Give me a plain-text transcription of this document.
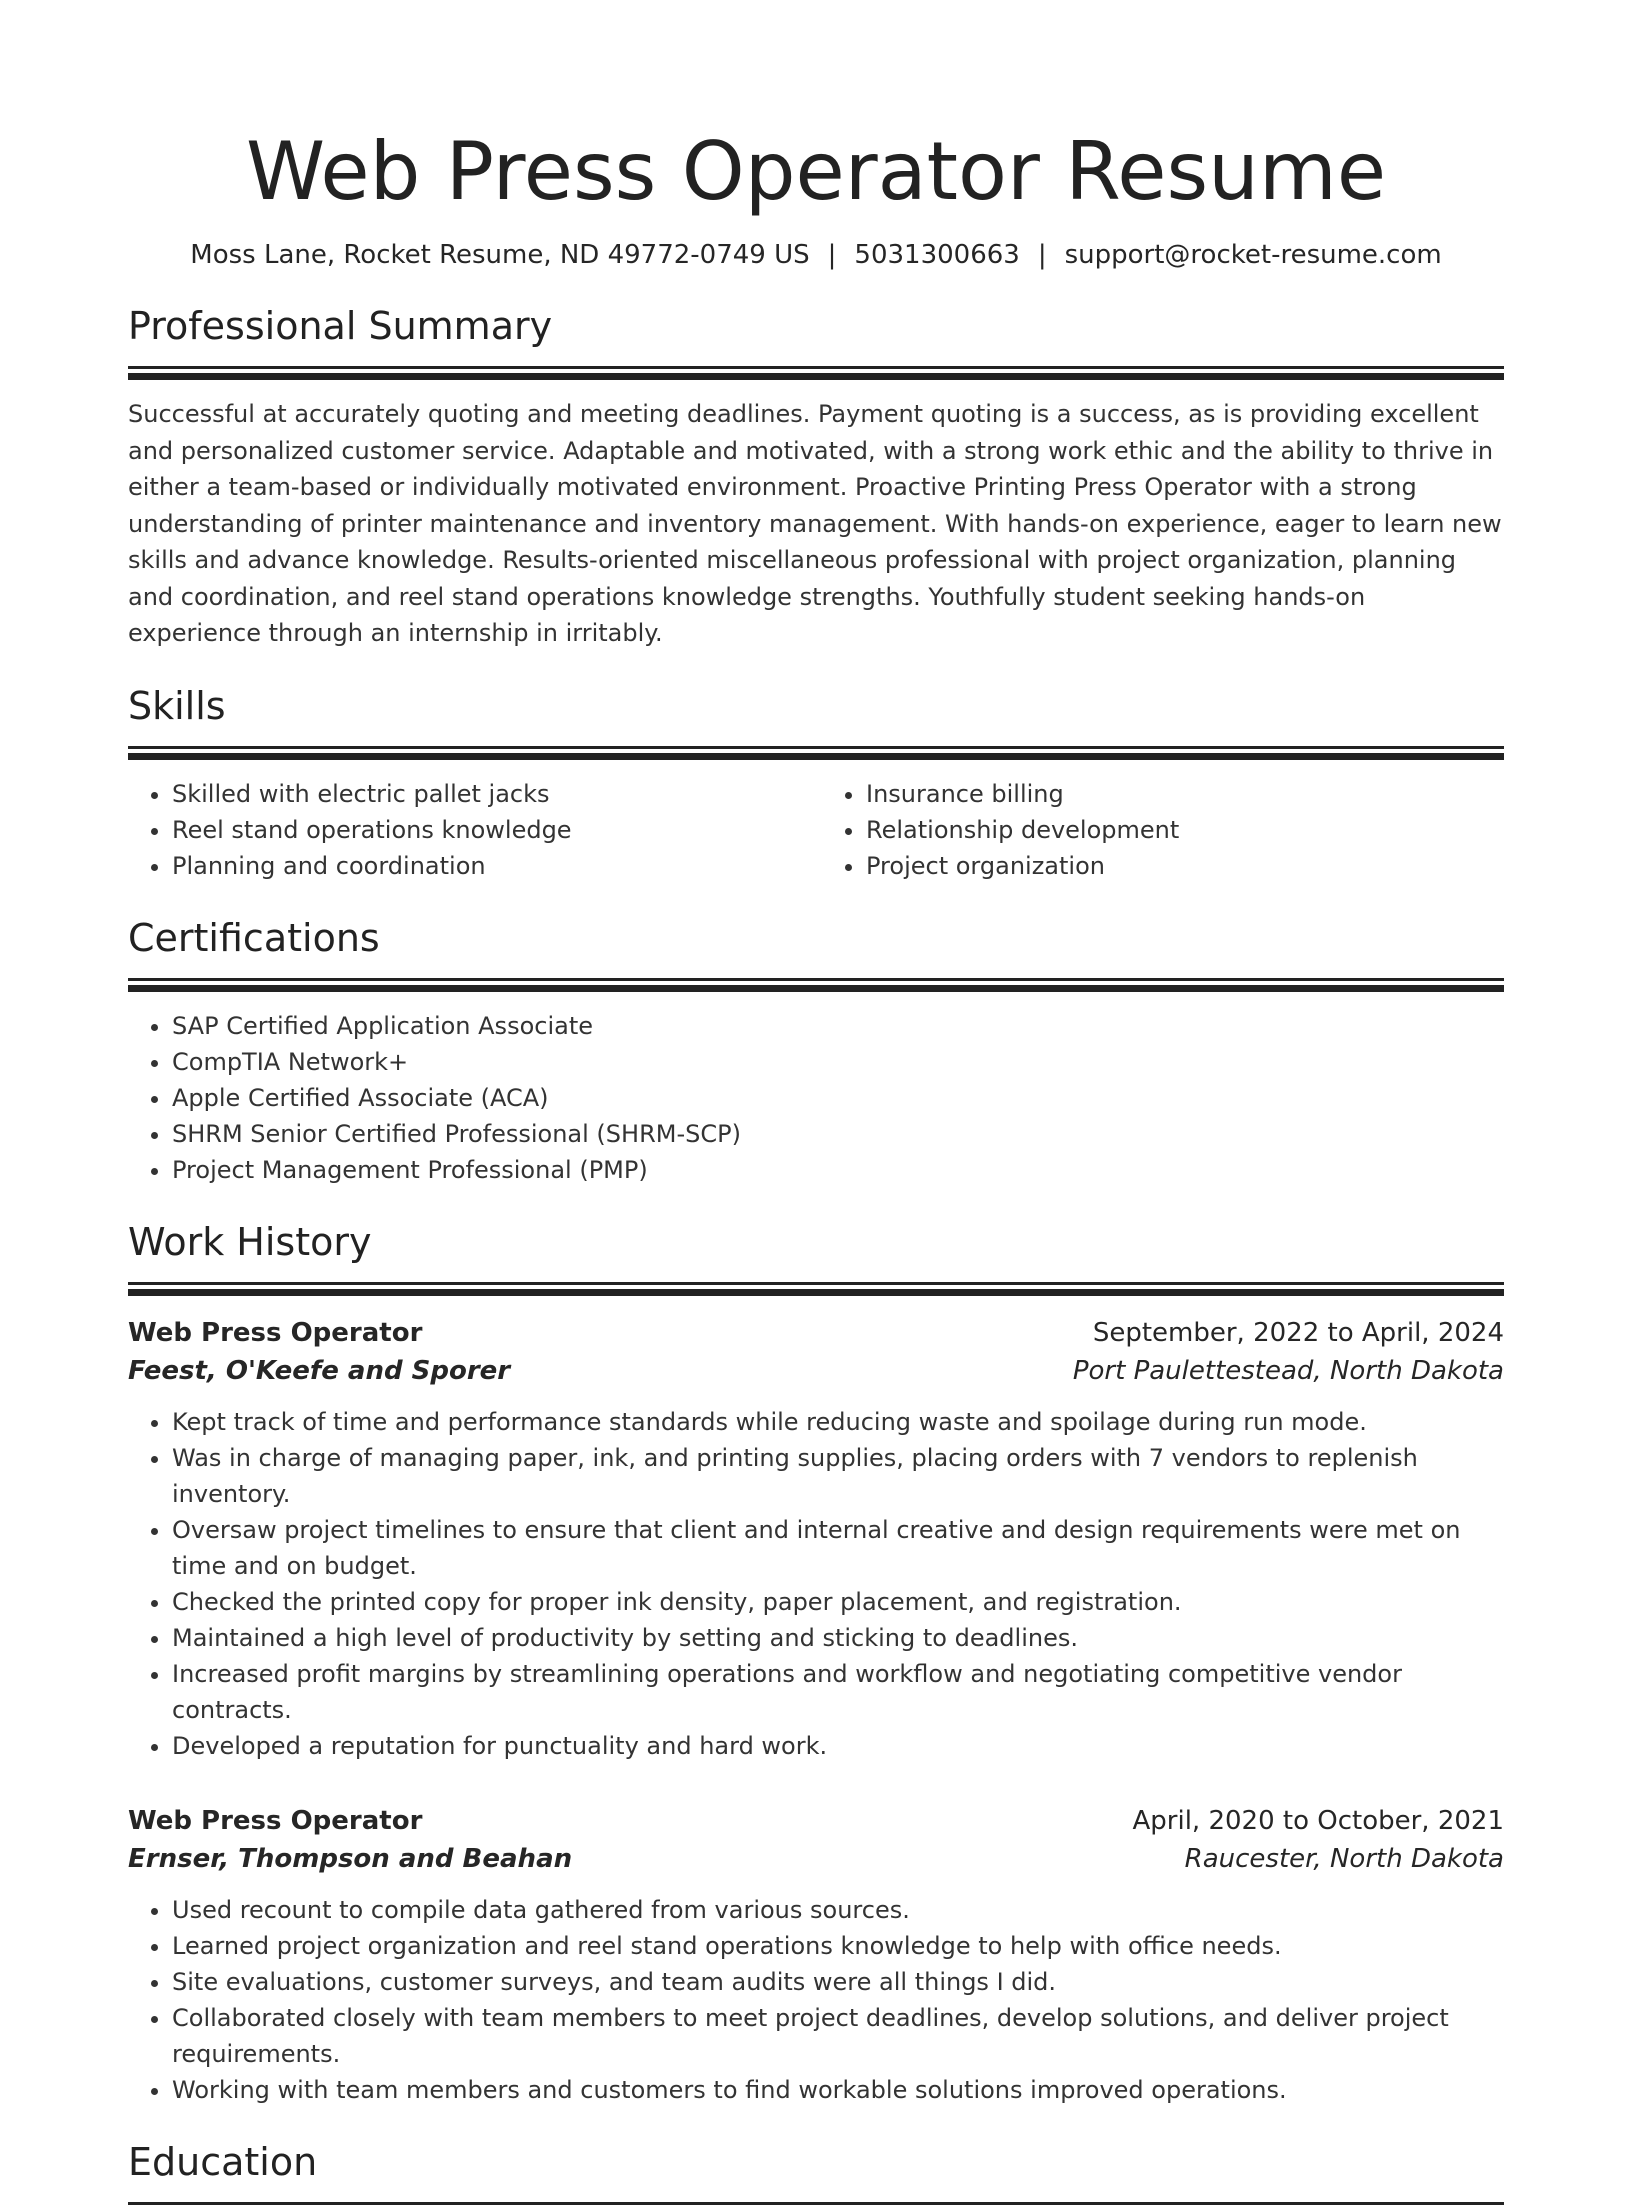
Web Press Operator Resume
Moss Lane, Rocket Resume, ND 49772-0749 US | 5031300663 | support@rocket-resume.com
Professional Summary

Successful at accurately quoting and meeting deadlines. Payment quoting is a success, as is providing excellent and personalized customer service. Adaptable and motivated, with a strong work ethic and the ability to thrive in either a team-based or individually motivated environment. Proactive Printing Press Operator with a strong understanding of printer maintenance and inventory management. With hands-on experience, eager to learn new skills and advance knowledge. Results-oriented miscellaneous professional with project organization, planning and coordination, and reel stand operations knowledge strengths. Youthfully student seeking hands-on experience through an internship in irritably.

Skills
• Skilled with electric pallet jacks
• Reel stand operations knowledge
• Planning and coordination
• Insurance billing
• Relationship development
• Project organization
Certifications
• SAP Certified Application Associate
• CompTIA Network+
• Apple Certified Associate (ACA)
• SHRM Senior Certified Professional (SHRM-SCP)
• Project Management Professional (PMP)
Work History
Web Press Operator	September, 2022 to April, 2024
Feest, O'Keefe and Sporer	Port Paulettestead, North Dakota
• Kept track of time and performance standards while reducing waste and spoilage during run mode.
• Was in charge of managing paper, ink, and printing supplies, placing orders with 7 vendors to replenish inventory.
• Oversaw project timelines to ensure that client and internal creative and design requirements were met on time and on budget.
• Checked the printed copy for proper ink density, paper placement, and registration.
• Maintained a high level of productivity by setting and sticking to deadlines.
• Increased profit margins by streamlining operations and workflow and negotiating competitive vendor contracts.
• Developed a reputation for punctuality and hard work.
Web Press Operator	April, 2020 to October, 2021
Ernser, Thompson and Beahan	Raucester, North Dakota
• Used recount to compile data gathered from various sources.
• Learned project organization and reel stand operations knowledge to help with office needs.
• Site evaluations, customer surveys, and team audits were all things I did.
• Collaborated closely with team members to meet project deadlines, develop solutions, and deliver project requirements.
• Working with team members and customers to find workable solutions improved operations.
Education
